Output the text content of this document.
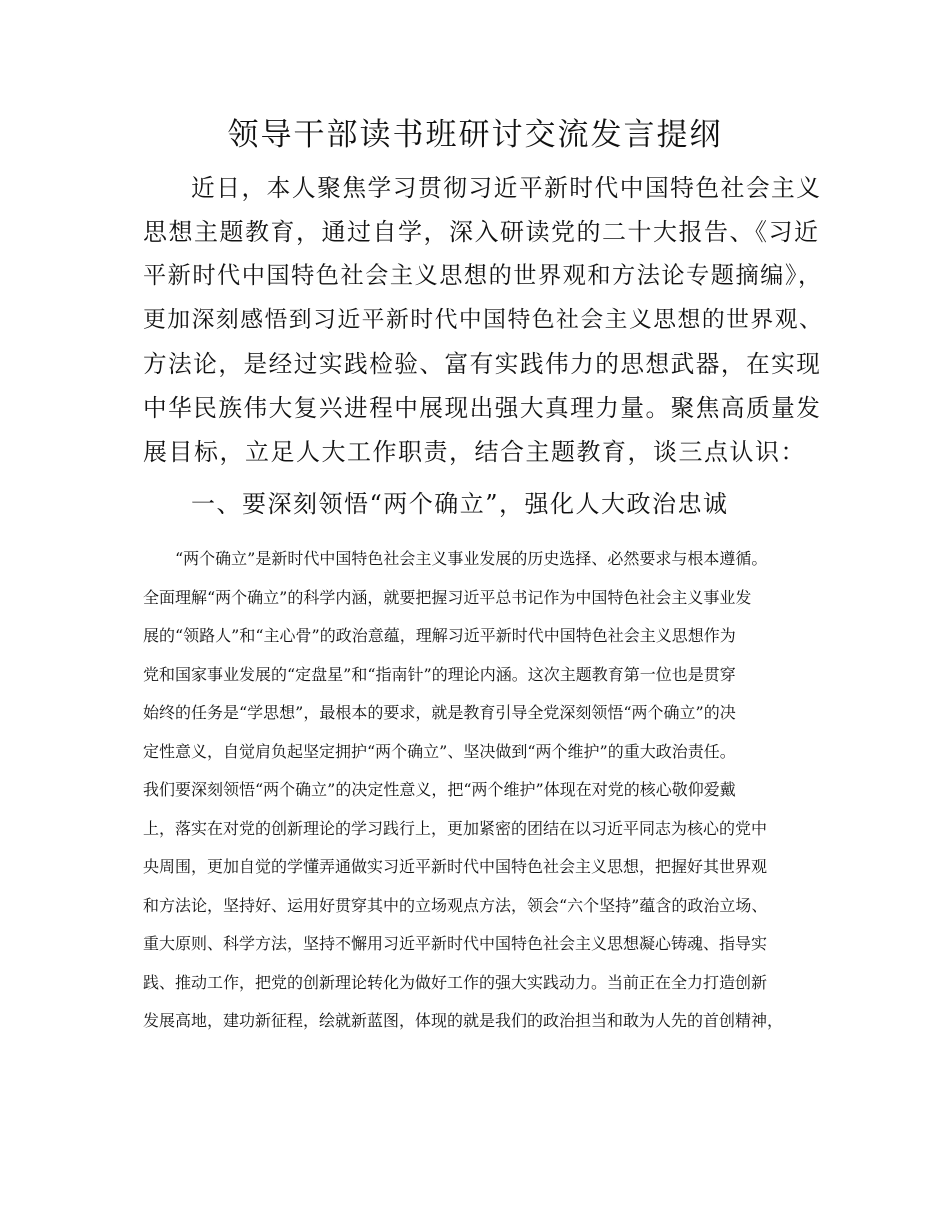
领导干部读书班研讨交流发言提纲
近日，本人聚焦学习贯彻习近平新时代中国特色社会主义
思想主题教育，通过自学，深入研读党的二十大报告、《习近
平新时代中国特色社会主义思想的世界观和方法论专题摘编》，
更加深刻感悟到习近平新时代中国特色社会主义思想的世界观、
方法论，是经过实践检验、富有实践伟力的思想武器，在实现
中华民族伟大复兴进程中展现出强大真理力量。聚焦高质量发
展目标，立足人大工作职责，结合主题教育，谈三点认识：
一、要深刻领悟“两个确立”，强化人大政治忠诚
“两个确立”是新时代中国特色社会主义事业发展的历史选择、必然要求与根本遵循。
全面理解“两个确立”的科学内涵，就要把握习近平总书记作为中国特色社会主义事业发
展的“领路人”和“主心骨”的政治意蕴，理解习近平新时代中国特色社会主义思想作为
党和国家事业发展的“定盘星”和“指南针”的理论内涵。这次主题教育第一位也是贯穿
始终的任务是“学思想”，最根本的要求，就是教育引导全党深刻领悟“两个确立”的决
定性意义，自觉肩负起坚定拥护“两个确立”、坚决做到“两个维护”的重大政治责任。
我们要深刻领悟“两个确立”的决定性意义，把“两个维护”体现在对党的核心敬仰爱戴
上，落实在对党的创新理论的学习践行上，更加紧密的团结在以习近平同志为核心的党中
央周围，更加自觉的学懂弄通做实习近平新时代中国特色社会主义思想，把握好其世界观
和方法论，坚持好、运用好贯穿其中的立场观点方法，领会“六个坚持”蕴含的政治立场、
重大原则、科学方法，坚持不懈用习近平新时代中国特色社会主义思想凝心铸魂、指导实
践、推动工作，把党的创新理论转化为做好工作的强大实践动力。当前正在全力打造创新
发展高地，建功新征程，绘就新蓝图，体现的就是我们的政治担当和敢为人先的首创精神，
